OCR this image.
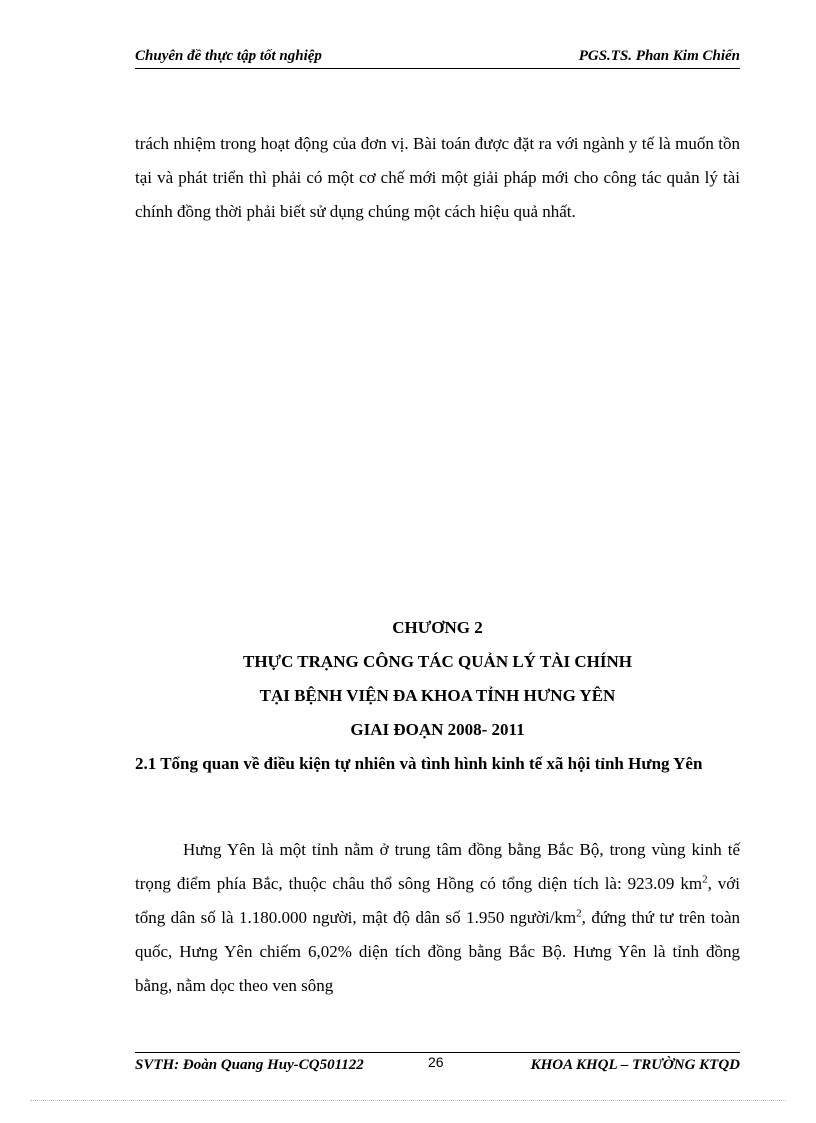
Chuyên đề thực tập tốt nghiệp	PGS.TS. Phan Kim Chiến

trách nhiệm trong hoạt động của đơn vị. Bài toán được đặt ra với ngành y tế là muốn tồn tại và phát triển thì phải có một cơ chế mới một giải pháp mới cho công tác quản lý tài chính đồng thời phải biết sử dụng chúng một cách hiệu quả nhất.

CHƯƠNG 2
THỰC TRẠNG CÔNG TÁC QUẢN LÝ TÀI CHÍNH
TẠI BỆNH VIỆN ĐA KHOA TỈNH HƯNG YÊN
GIAI ĐOẠN 2008- 2011
2.1 Tổng quan về điều kiện tự nhiên và tình hình kinh tế xã hội tỉnh Hưng Yên

Hưng Yên là một tỉnh nằm ở trung tâm đồng bằng Bắc Bộ, trong vùng kinh tế trọng điểm phía Bắc, thuộc châu thổ sông Hồng có tổng diện tích là: 923.09 $km^2$, với tổng dân số là 1.180.000 người, mật độ dân số 1.950 người/$km^2$, đứng thứ tư trên toàn quốc, Hưng Yên chiếm 6,02% diện tích đồng bằng Bắc Bộ. Hưng Yên là tỉnh đồng bằng, nằm dọc theo ven sông

SVTH: Đoàn Quang Huy-CQ501122	KHOA KHQL – TRƯỜNG KTQD
26
